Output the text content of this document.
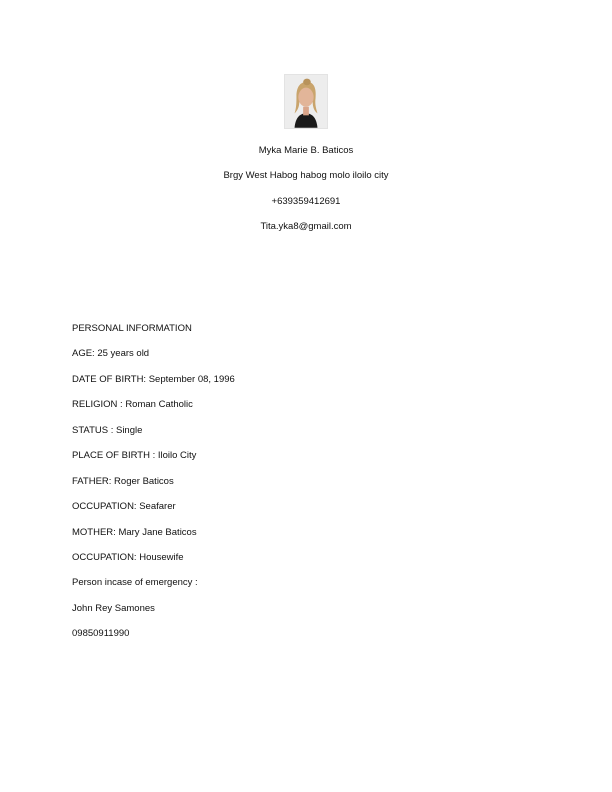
Myka Marie B. Baticos
Brgy West Habog habog molo iloilo city
+639359412691
Tita.yka8@gmail.com
PERSONAL INFORMATION
AGE: 25 years old
DATE OF BIRTH: September 08, 1996
RELIGION : Roman Catholic
STATUS : Single
PLACE OF BIRTH : Iloilo City
FATHER: Roger Baticos
OCCUPATION: Seafarer
MOTHER: Mary Jane Baticos
OCCUPATION: Housewife
Person incase of emergency :
John Rey Samones
09850911990
